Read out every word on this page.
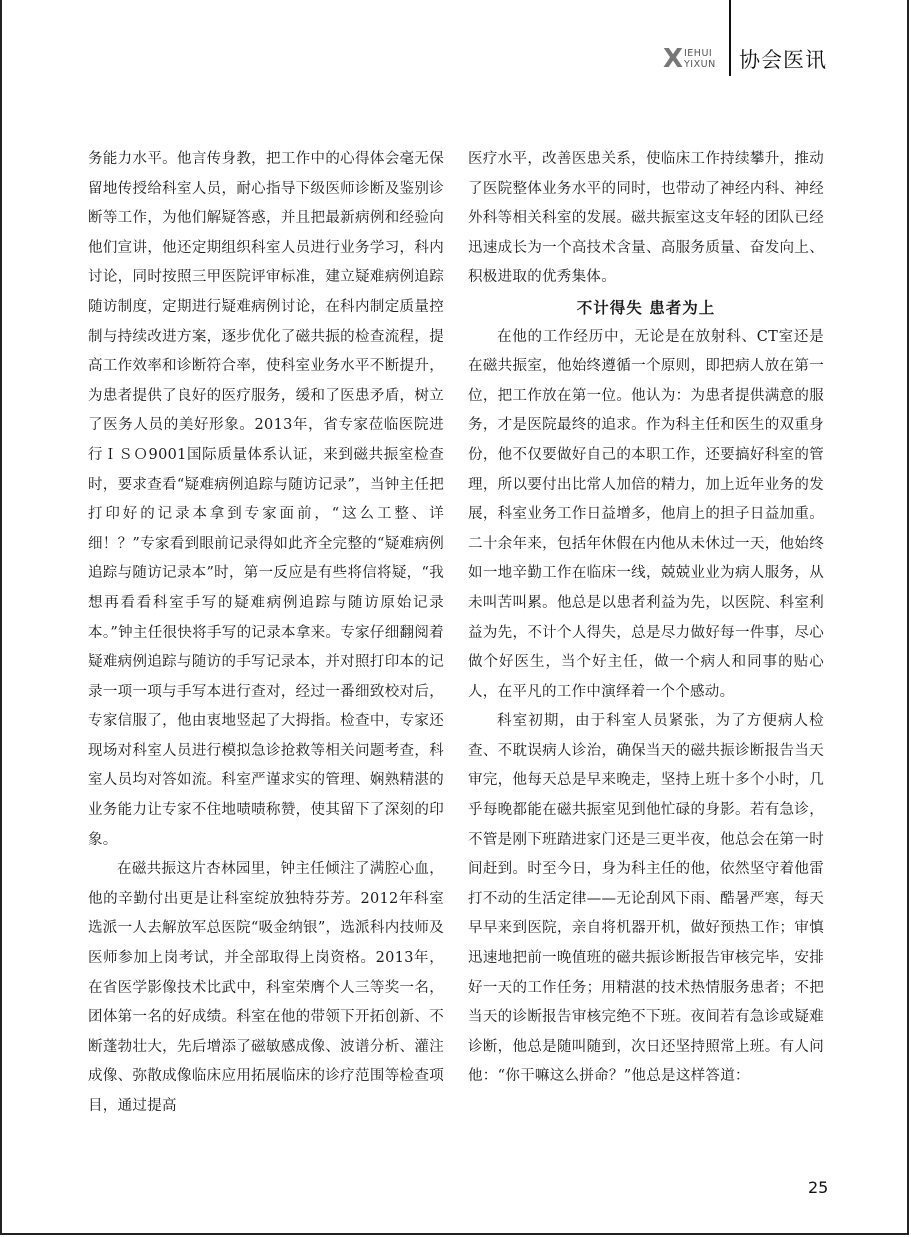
X IEHUI
YIXUN 协会医讯

务能力水平。他言传身教，把工作中的心得体会毫无保留地传授给科室人员，耐心指导下级医师诊断及鉴别诊断等工作，为他们解疑答惑，并且把最新病例和经验向他们宣讲，他还定期组织科室人员进行业务学习，科内讨论，同时按照三甲医院评审标准，建立疑难病例追踪随访制度，定期进行疑难病例讨论，在科内制定质量控制与持续改进方案，逐步优化了磁共振的检查流程，提高工作效率和诊断符合率，使科室业务水平不断提升，为患者提供了良好的医疗服务，缓和了医患矛盾，树立了医务人员的美好形象。2013年，省专家莅临医院进行ＩＳＯ9001国际质量体系认证，来到磁共振室检查时，要求查看“疑难病例追踪与随访记录”，当钟主任把打印好的记录本拿到专家面前，“这么工整、详细！？”专家看到眼前记录得如此齐全完整的“疑难病例追踪与随访记录本”时，第一反应是有些将信将疑，“我想再看看科室手写的疑难病例追踪与随访原始记录本。”钟主任很快将手写的记录本拿来。专家仔细翻阅着疑难病例追踪与随访的手写记录本，并对照打印本的记录一项一项与手写本进行查对，经过一番细致校对后，专家信服了，他由衷地竖起了大拇指。检查中，专家还现场对科室人员进行模拟急诊抢救等相关问题考查，科室人员均对答如流。科室严谨求实的管理、娴熟精湛的业务能力让专家不住地啧啧称赞，使其留下了深刻的印象。

在磁共振这片杏林园里，钟主任倾注了满腔心血，他的辛勤付出更是让科室绽放独特芬芳。2012年科室选派一人去解放军总医院“吸金纳银”，选派科内技师及医师参加上岗考试，并全部取得上岗资格。2013年，在省医学影像技术比武中，科室荣膺个人三等奖一名，团体第一名的好成绩。科室在他的带领下开拓创新、不断蓬勃壮大，先后增添了磁敏感成像、波谱分析、灌注成像、弥散成像临床应用拓展临床的诊疗范围等检查项目，通过提高

医疗水平，改善医患关系，使临床工作持续攀升，推动了医院整体业务水平的同时，也带动了神经内科、神经外科等相关科室的发展。磁共振室这支年轻的团队已经迅速成长为一个高技术含量、高服务质量、奋发向上、积极进取的优秀集体。

不计得失 患者为上

在他的工作经历中，无论是在放射科、CT室还是在磁共振室，他始终遵循一个原则，即把病人放在第一位，把工作放在第一位。他认为：为患者提供满意的服务，才是医院最终的追求。作为科主任和医生的双重身份，他不仅要做好自己的本职工作，还要搞好科室的管理，所以要付出比常人加倍的精力，加上近年业务的发展，科室业务工作日益增多，他肩上的担子日益加重。二十余年来，包括年休假在内他从未休过一天，他始终如一地辛勤工作在临床一线，兢兢业业为病人服务，从未叫苦叫累。他总是以患者利益为先，以医院、科室利益为先，不计个人得失，总是尽力做好每一件事，尽心做个好医生，当个好主任，做一个病人和同事的贴心人，在平凡的工作中演绎着一个个感动。

科室初期，由于科室人员紧张，为了方便病人检查、不耽误病人诊治，确保当天的磁共振诊断报告当天审完，他每天总是早来晚走，坚持上班十多个小时，几乎每晚都能在磁共振室见到他忙碌的身影。若有急诊，不管是刚下班踏进家门还是三更半夜，他总会在第一时间赶到。时至今日，身为科主任的他，依然坚守着他雷打不动的生活定律——无论刮风下雨、酷暑严寒，每天早早来到医院，亲自将机器开机，做好预热工作；审慎迅速地把前一晚值班的磁共振诊断报告审核完毕，安排好一天的工作任务；用精湛的技术热情服务患者；不把当天的诊断报告审核完绝不下班。夜间若有急诊或疑难诊断，他总是随叫随到，次日还坚持照常上班。有人问他：“你干嘛这么拼命？”他总是这样答道：

25
